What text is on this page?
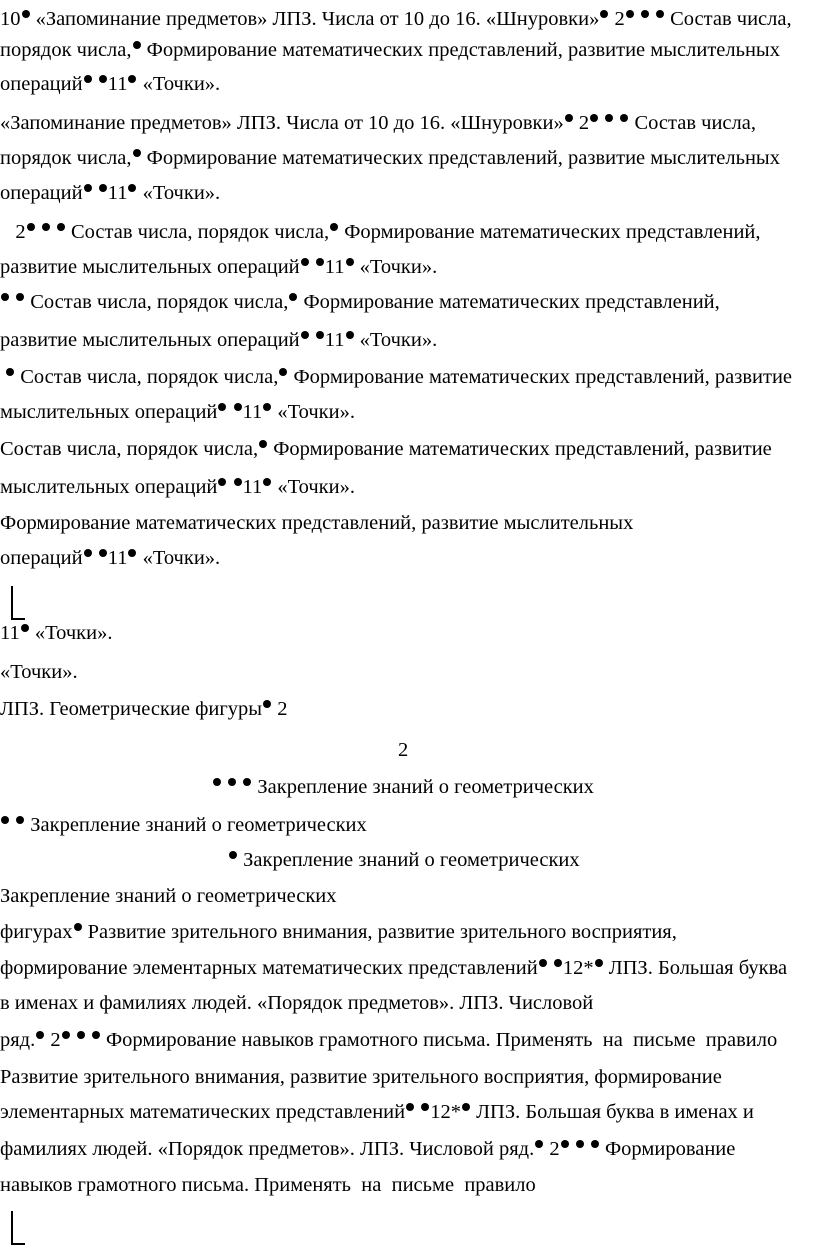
10 «Запоминание предметов» ЛПЗ. Числа от 10 до 16. «Шнуровки» 2   Состав числа,

порядок числа, Формирование математических представлений, развитие мыслительных

операций 11 «Точки».

«Запоминание предметов» ЛПЗ. Числа от 10 до 16. «Шнуровки» 2   Состав числа,

порядок числа, Формирование математических представлений, развитие мыслительных

операций 11 «Точки».

2   Состав числа, порядок числа, Формирование математических представлений,

развитие мыслительных операций 11 «Точки».

Состав числа, порядок числа, Формирование математических представлений,

развитие мыслительных операций 11 «Точки».

Состав числа, порядок числа, Формирование математических представлений, развитие

мыслительных операций 11 «Точки».

Состав числа, порядок числа, Формирование математических представлений, развитие

мыслительных операций 11 «Точки».

Формирование математических представлений, развитие мыслительных

операций 11 «Точки».

11 «Точки».

«Точки».

ЛПЗ. Геометрические фигуры 2

2

Закрепление знаний о геометрических

Закрепление знаний о геометрических

Закрепление знаний о геометрических

Закрепление знаний о геометрических

фигурах Развитие зрительного внимания, развитие зрительного восприятия,

формирование элементарных математических представлений 12* ЛПЗ. Большая буква

в именах и фамилиях людей. «Порядок предметов». ЛПЗ. Числовой

ряд. 2   Формирование навыков грамотного письма. Применять  на  письме  правило

Развитие зрительного внимания, развитие зрительного восприятия, формирование

элементарных математических представлений 12* ЛПЗ. Большая буква в именах и

фамилиях людей. «Порядок предметов». ЛПЗ. Числовой ряд. 2   Формирование

навыков грамотного письма. Применять  на  письме  правило
